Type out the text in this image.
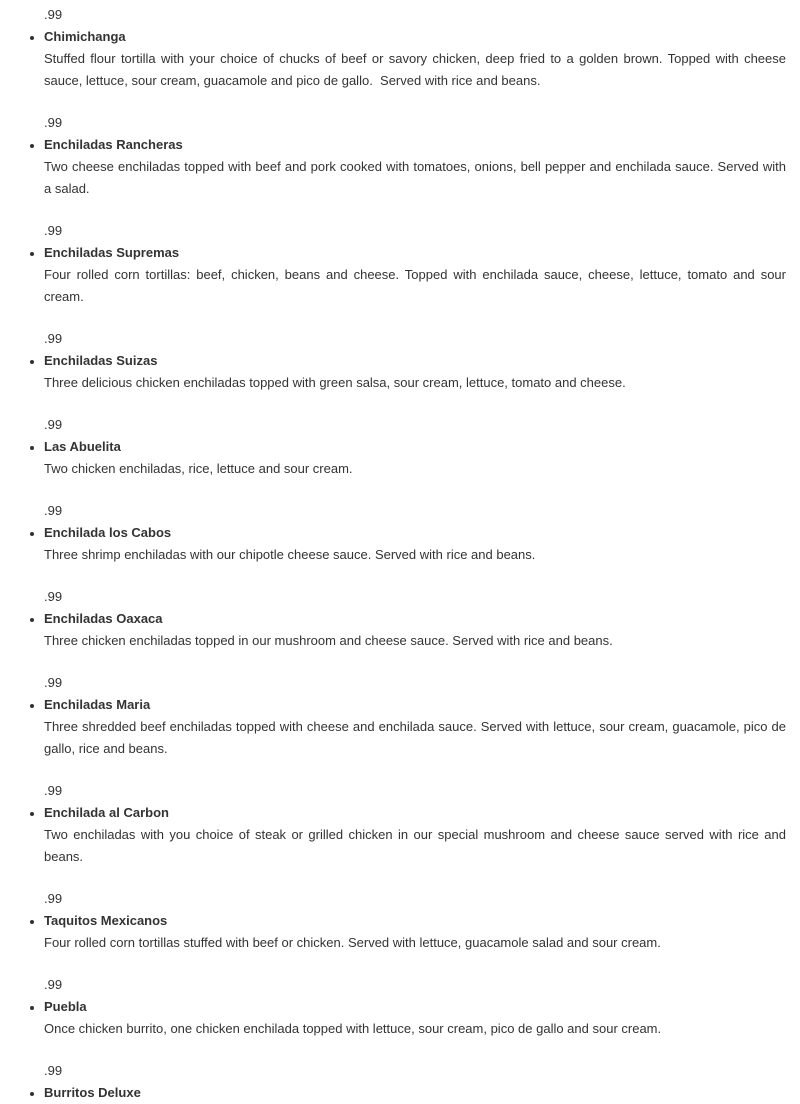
.99
• Chimichanga
Stuffed flour tortilla with your choice of chucks of beef or savory chicken, deep fried to a golden brown. Topped with cheese sauce, lettuce, sour cream, guacamole and pico de gallo.  Served with rice and beans.
.99
• Enchiladas Rancheras
Two cheese enchiladas topped with beef and pork cooked with tomatoes, onions, bell pepper and enchilada sauce. Served with a salad.
.99
• Enchiladas Supremas
Four rolled corn tortillas: beef, chicken, beans and cheese. Topped with enchilada sauce, cheese, lettuce, tomato and sour cream.
.99
• Enchiladas Suizas
Three delicious chicken enchiladas topped with green salsa, sour cream, lettuce, tomato and cheese.
.99
• Las Abuelita
Two chicken enchiladas, rice, lettuce and sour cream.
.99
• Enchilada los Cabos
Three shrimp enchiladas with our chipotle cheese sauce. Served with rice and beans.
.99
• Enchiladas Oaxaca
Three chicken enchiladas topped in our mushroom and cheese sauce. Served with rice and beans.
.99
• Enchiladas Maria
Three shredded beef enchiladas topped with cheese and enchilada sauce. Served with lettuce, sour cream, guacamole, pico de gallo, rice and beans.
.99
• Enchilada al Carbon
Two enchiladas with you choice of steak or grilled chicken in our special mushroom and cheese sauce served with rice and beans.
.99
• Taquitos Mexicanos
Four rolled corn tortillas stuffed with beef or chicken. Served with lettuce, guacamole salad and sour cream.
.99
• Puebla
Once chicken burrito, one chicken enchilada topped with lettuce, sour cream, pico de gallo and sour cream.
.99
• Burritos Deluxe
